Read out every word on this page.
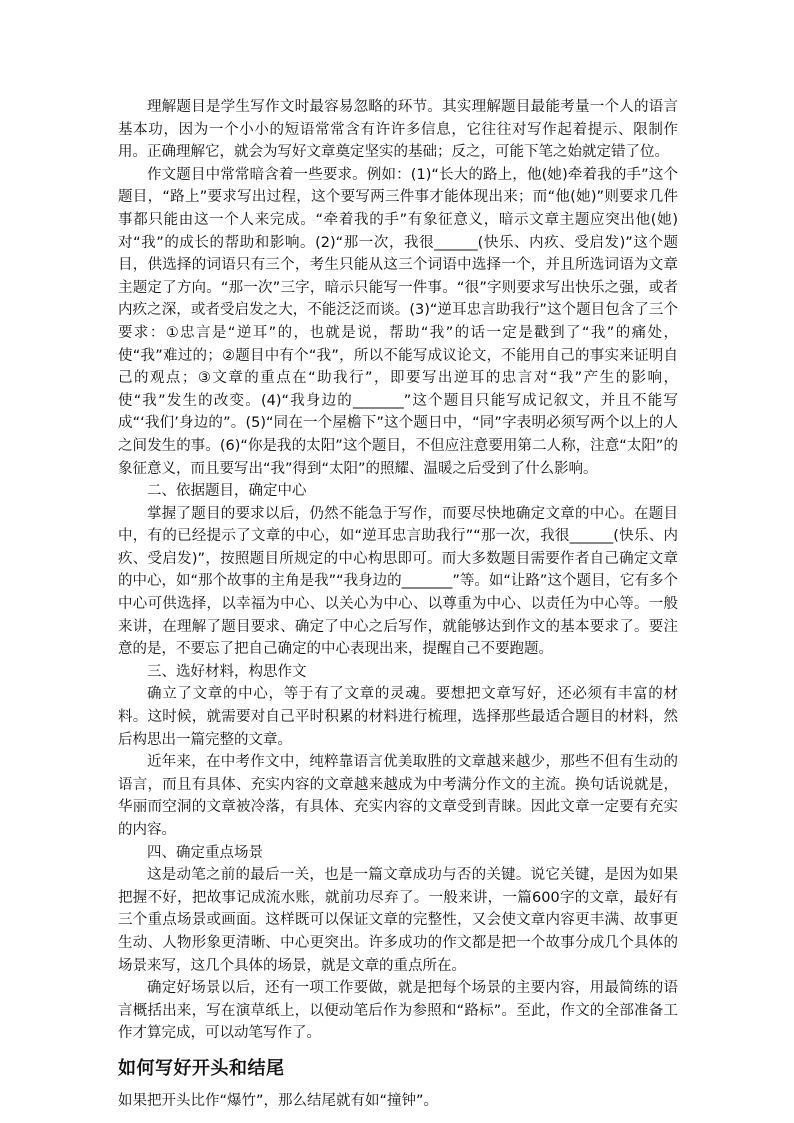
理解题目是学生写作文时最容易忽略的环节。其实理解题目最能考量一个人的语言基本功，因为一个小小的短语常常含有许许多信息，它往往对写作起着提示、限制作用。正确理解它，就会为写好文章奠定坚实的基础；反之，可能下笔之始就定错了位。

作文题目中常常暗含着一些要求。例如：(1)“长大的路上，他(她)牵着我的手”这个题目，“路上”要求写出过程，这个要写两三件事才能体现出来；而“他(她)”则要求几件事都只能由这一个人来完成。“牵着我的手”有象征意义，暗示文章主题应突出他(她)对“我”的成长的帮助和影响。(2)“那一次，我很______(快乐、内疚、受启发)”这个题目，供选择的词语只有三个，考生只能从这三个词语中选择一个，并且所选词语为文章主题定了方向。“那一次”三字，暗示只能写一件事。“很”字则要求写出快乐之强，或者内疚之深，或者受启发之大，不能泛泛而谈。(3)“逆耳忠言助我行”这个题目包含了三个要求：①忠言是“逆耳”的，也就是说，帮助“我”的话一定是戳到了“我”的痛处，使“我”难过的；②题目中有个“我”，所以不能写成议论文，不能用自己的事实来证明自己的观点；③文章的重点在“助我行”，即要写出逆耳的忠言对“我”产生的影响，使“我”发生的改变。(4)“我身边的_______”这个题目只能写成记叙文，并且不能写成“‘我们’身边的”。(5)“同在一个屋檐下”这个题日中，“同”字表明必须写两个以上的人之间发生的事。(6)“你是我的太阳”这个题目，不但应注意要用第二人称，注意“太阳”的象征意义，而且要写出“我”得到“太阳”的照耀、温暖之后受到了什么影响。

二、依据题目，确定中心

掌握了题目的要求以后，仍然不能急于写作，而要尽快地确定文章的中心。在题目中，有的已经提示了文章的中心，如“逆耳忠言助我行”“那一次，我很______(快乐、内疚、受启发)”，按照题目所规定的中心构思即可。而大多数题目需要作者自己确定文章的中心，如“那个故事的主角是我”“我身边的_______”等。如“让路”这个题目，它有多个中心可供选择，以幸福为中心、以关心为中心、以尊重为中心、以责任为中心等。一般来讲，在理解了题目要求、确定了中心之后写作，就能够达到作文的基本要求了。要注意的是，不要忘了把自己确定的中心表现出来，提醒自己不要跑题。

三、选好材料，构思作文

确立了文章的中心，等于有了文章的灵魂。要想把文章写好，还必须有丰富的材料。这时候，就需要对自己平时积累的材料进行梳理，选择那些最适合题目的材料，然后构思出一篇完整的文章。

近年来，在中考作文中，纯粹靠语言优美取胜的文章越来越少，那些不但有生动的语言，而且有具体、充实内容的文章越来越成为中考满分作文的主流。换句话说就是，华丽而空洞的文章被冷落，有具体、充实内容的文章受到青睐。因此文章一定要有充实的内容。

四、确定重点场景

这是动笔之前的最后一关，也是一篇文章成功与否的关键。说它关键，是因为如果把握不好，把故事记成流水账，就前功尽弃了。一般来讲，一篇600字的文章，最好有三个重点场景或画面。这样既可以保证文章的完整性，又会使文章内容更丰满、故事更生动、人物形象更清晰、中心更突出。许多成功的作文都是把一个故事分成几个具体的场景来写，这几个具体的场景，就是文章的重点所在。

确定好场景以后，还有一项工作要做，就是把每个场景的主要内容，用最简练的语言概括出来，写在演草纸上，以便动笔后作为参照和“路标”。至此，作文的全部准备工作才算完成，可以动笔写作了。

如何写好开头和结尾

如果把开头比作“爆竹”，那么结尾就有如“撞钟”。
